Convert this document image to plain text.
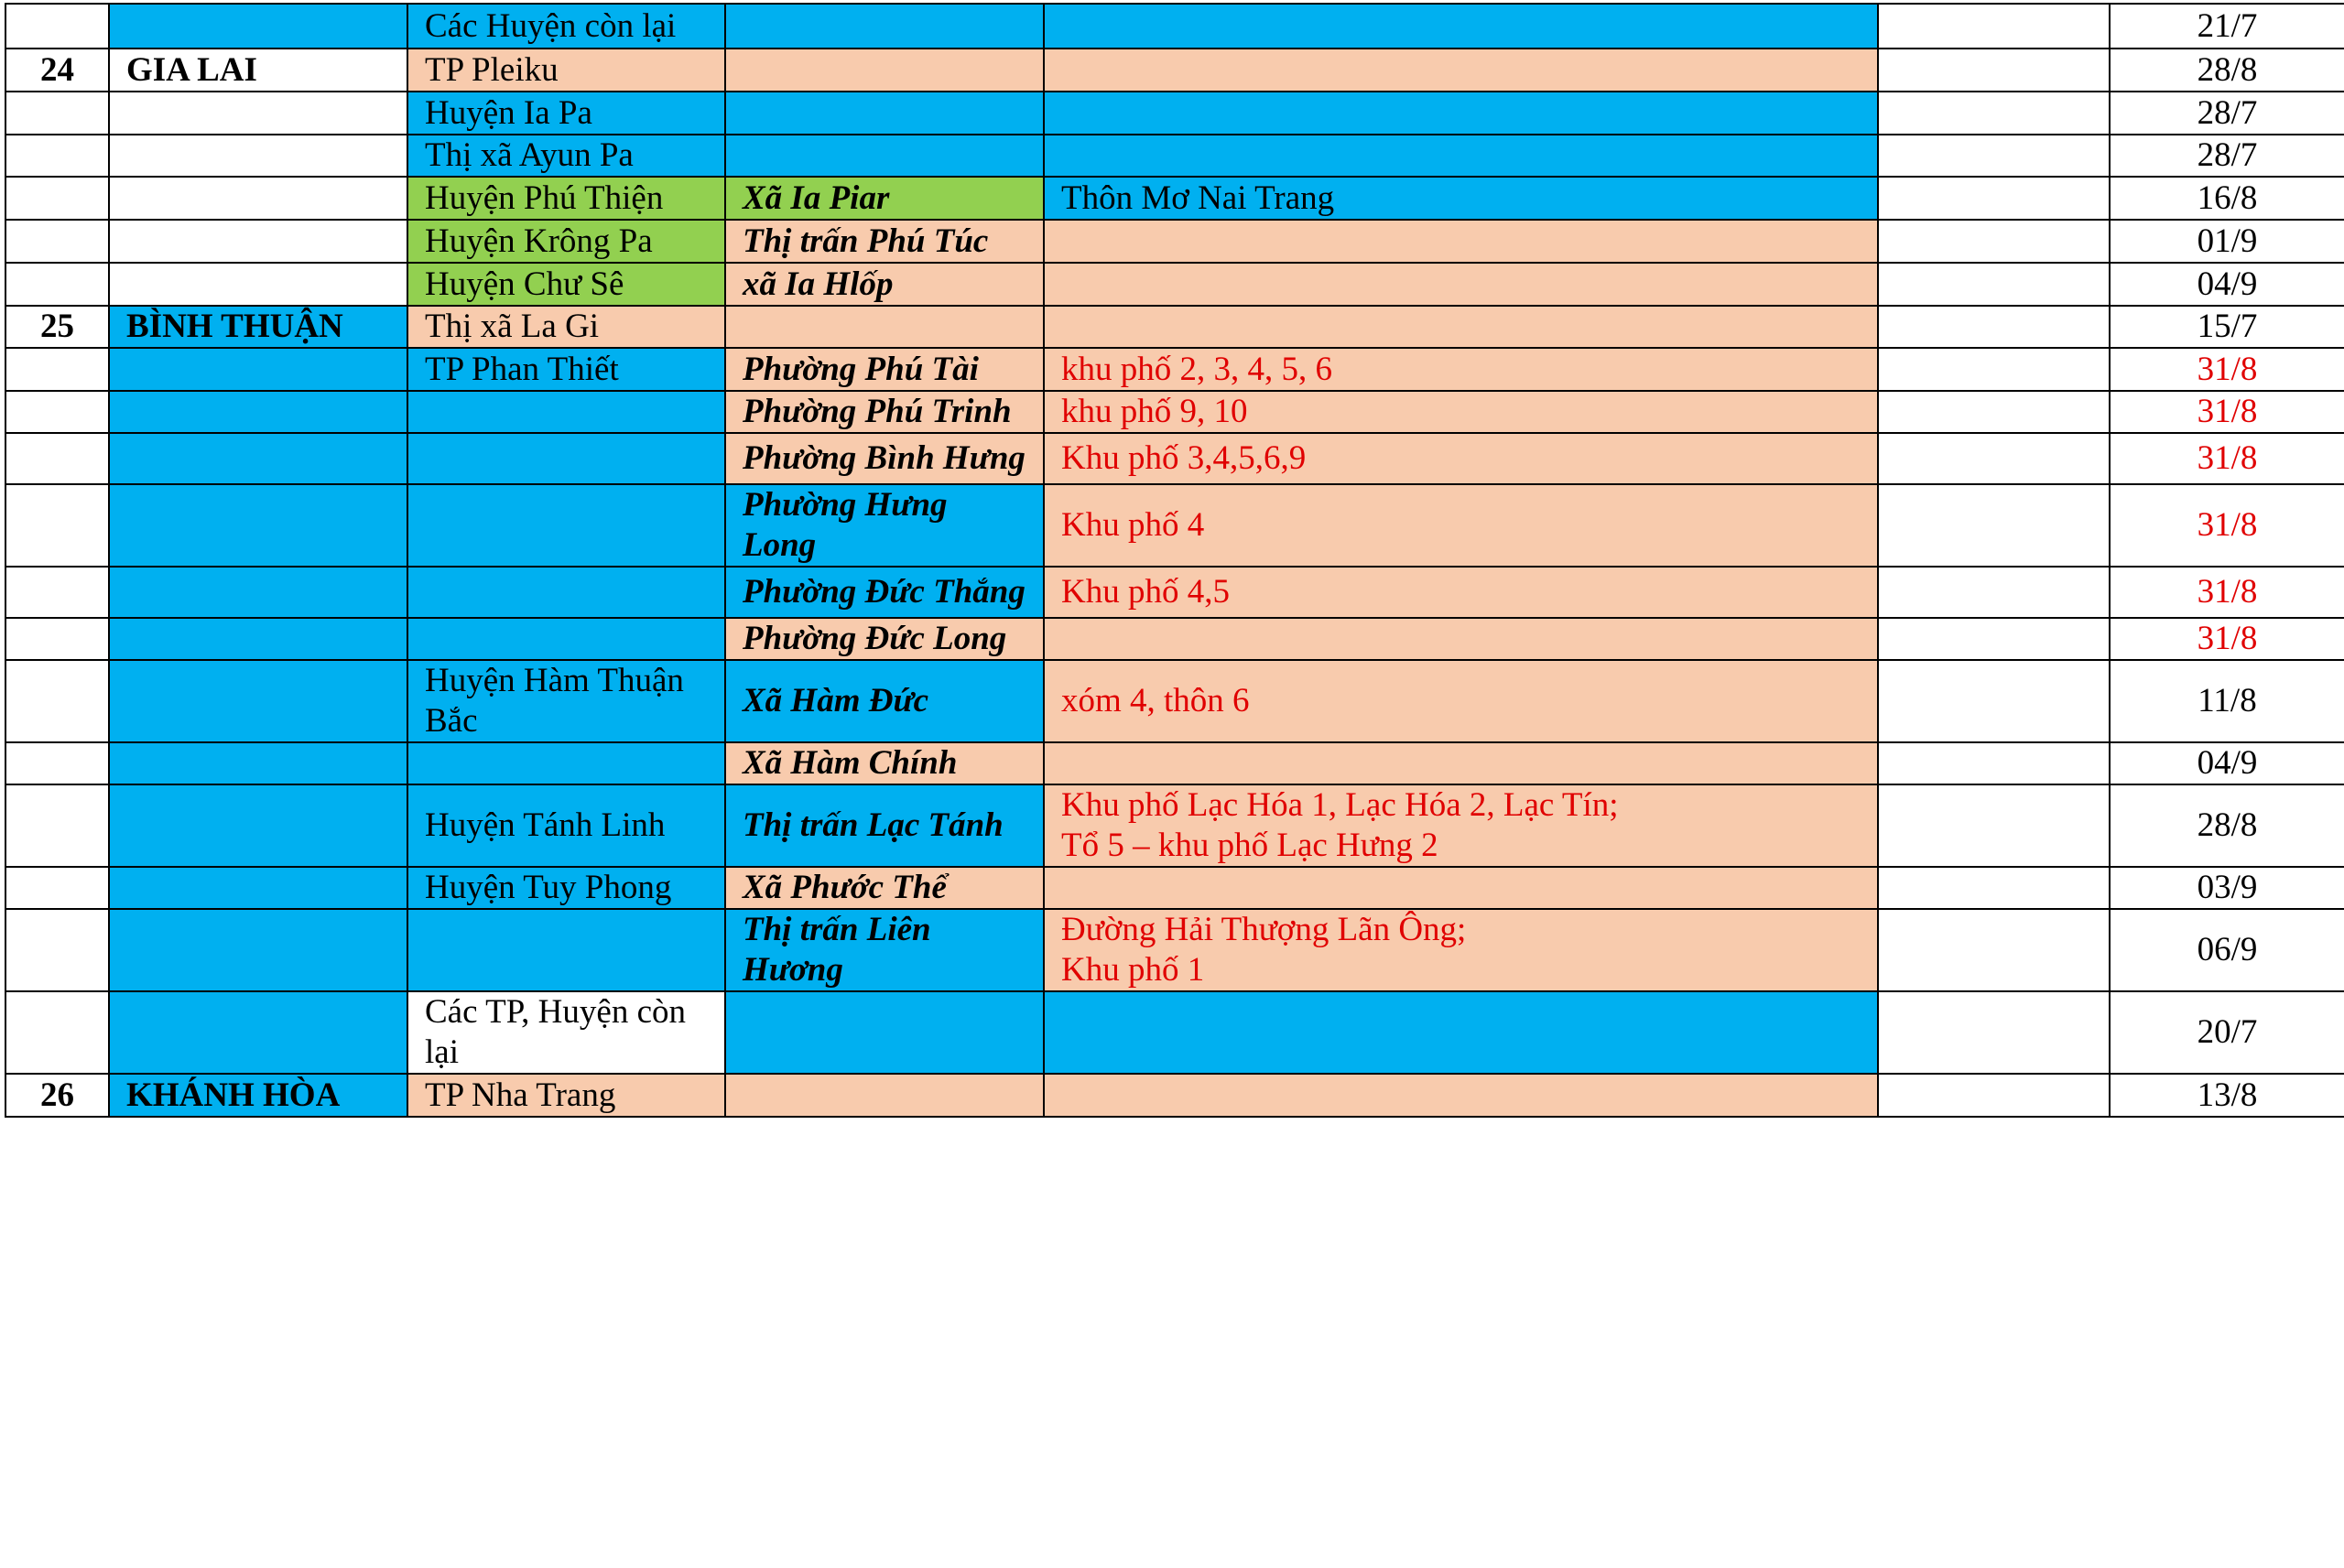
		Các Huyện còn lại				21/7
24	GIA LAI	TP Pleiku				28/8
		Huyện Ia Pa				28/7
		Thị xã Ayun Pa				28/7
		Huyện Phú Thiện	Xã Ia Piar	Thôn Mơ Nai Trang		16/8
		Huyện Krông Pa	Thị trấn Phú Túc			01/9
		Huyện Chư Sê	xã Ia Hlốp			04/9
25	BÌNH THUẬN	Thị xã La Gi				15/7
		TP Phan Thiết	Phường Phú Tài	khu phố 2, 3, 4, 5, 6		31/8
			Phường Phú Trinh	khu phố 9, 10		31/8
			Phường Bình Hưng	Khu phố 3,4,5,6,9		31/8
			Phường Hưng Long	Khu phố 4		31/8
			Phường Đức Thắng	Khu phố 4,5		31/8
			Phường Đức Long			31/8
		Huyện Hàm Thuận Bắc	Xã Hàm Đức	xóm 4, thôn 6		11/8
			Xã Hàm Chính			04/9
		Huyện Tánh Linh	Thị trấn Lạc Tánh	Khu phố Lạc Hóa 1, Lạc Hóa 2, Lạc Tín;
Tổ 5 – khu phố Lạc Hưng 2		28/8
		Huyện Tuy Phong	Xã Phước Thể			03/9
			Thị trấn Liên Hương	Đường Hải Thượng Lãn Ông;
Khu phố 1		06/9
		Các TP, Huyện còn lại				20/7
26	KHÁNH HÒA	TP Nha Trang				13/8
